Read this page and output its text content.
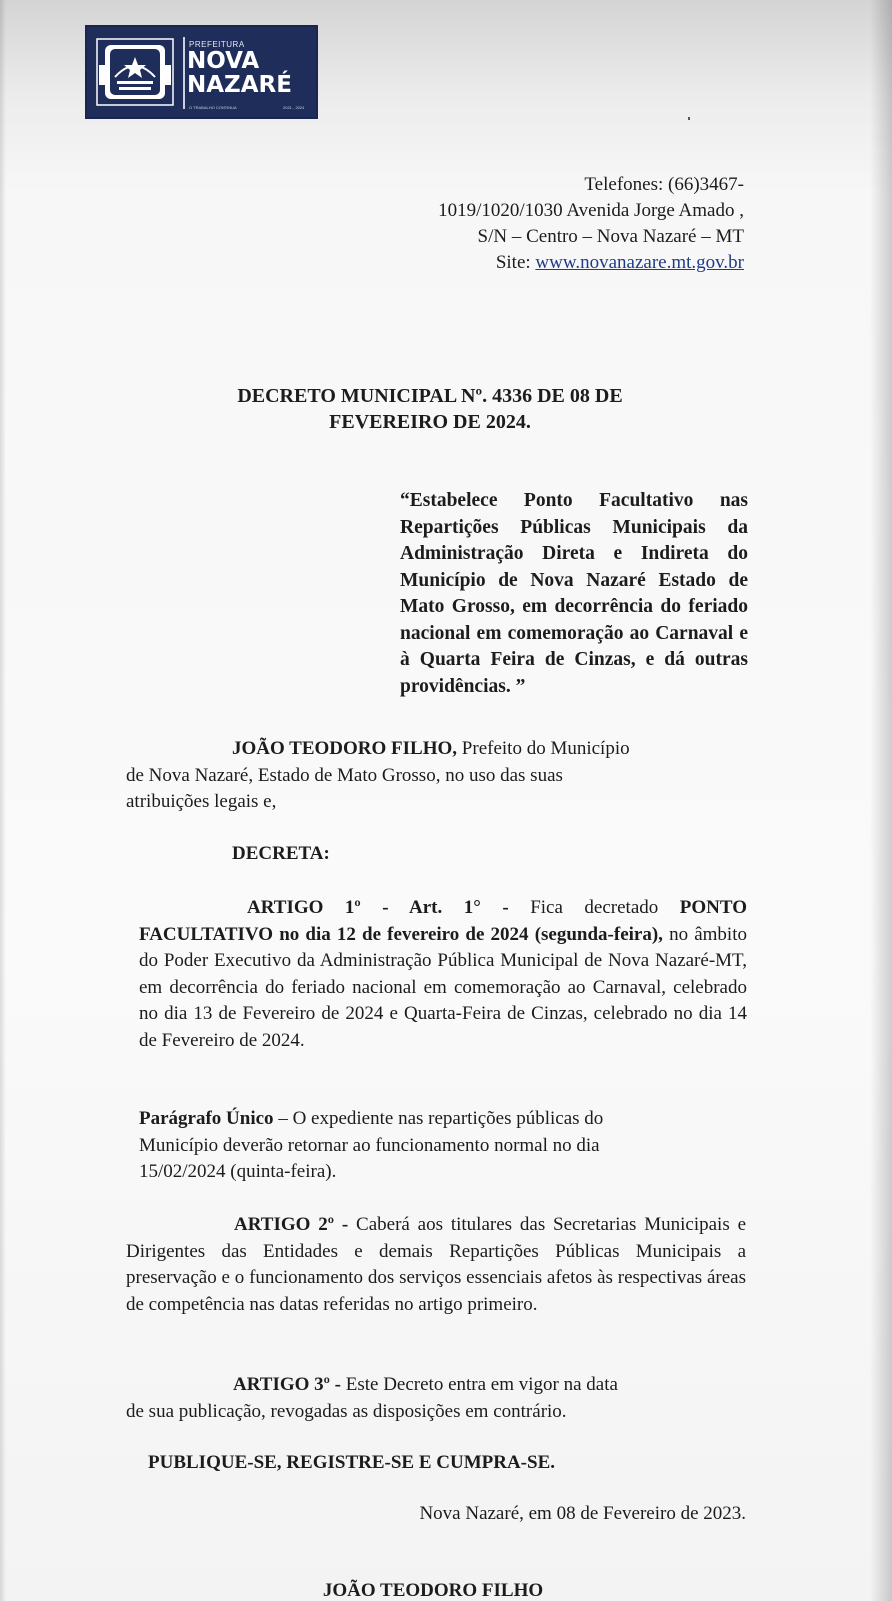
PREFEITURA
NOVA
NAZARÉ
O TRABALHO CONTINUA	2021 - 2024
Telefones: (66)3467-
1019/1020/1030 Avenida Jorge Amado ,
S/N – Centro – Nova Nazaré – MT
Site: www.novanazare.mt.gov.br
DECRETO MUNICIPAL Nº. 4336 DE 08 DE
FEVEREIRO DE 2024.
“Estabelece Ponto Facultativo nas Repartições Públicas Municipais da Administração Direta e Indireta do Município de Nova Nazaré Estado de Mato Grosso, em decorrência do feriado nacional em comemoração ao Carnaval e à Quarta Feira de Cinzas, e dá outras providências. ”
JOÃO TEODORO FILHO, Prefeito do Município
de Nova Nazaré, Estado de Mato Grosso, no uso das suas
atribuições legais e,
DECRETA:
ARTIGO 1º - Art. 1° - Fica decretado PONTO FACULTATIVO no dia 12 de fevereiro de 2024 (segunda-feira), no âmbito do Poder Executivo da Administração Pública Municipal de Nova Nazaré-MT, em decorrência do feriado nacional em comemoração ao Carnaval, celebrado no dia 13 de Fevereiro de 2024 e Quarta-Feira de Cinzas, celebrado no dia 14 de Fevereiro de 2024.
Parágrafo Único – O expediente nas repartições públicas do
Município deverão retornar ao funcionamento normal no dia
15/02/2024 (quinta-feira).
ARTIGO 2º - Caberá aos titulares das Secretarias Municipais e Dirigentes das Entidades e demais Repartições Públicas Municipais a preservação e o funcionamento dos serviços essenciais afetos às respectivas áreas de competência nas datas referidas no artigo primeiro.
ARTIGO 3º - Este Decreto entra em vigor na data
de sua publicação, revogadas as disposições em contrário.
PUBLIQUE-SE, REGISTRE-SE E CUMPRA-SE.
Nova Nazaré, em 08 de Fevereiro de 2023.
JOÃO TEODORO FILHO
